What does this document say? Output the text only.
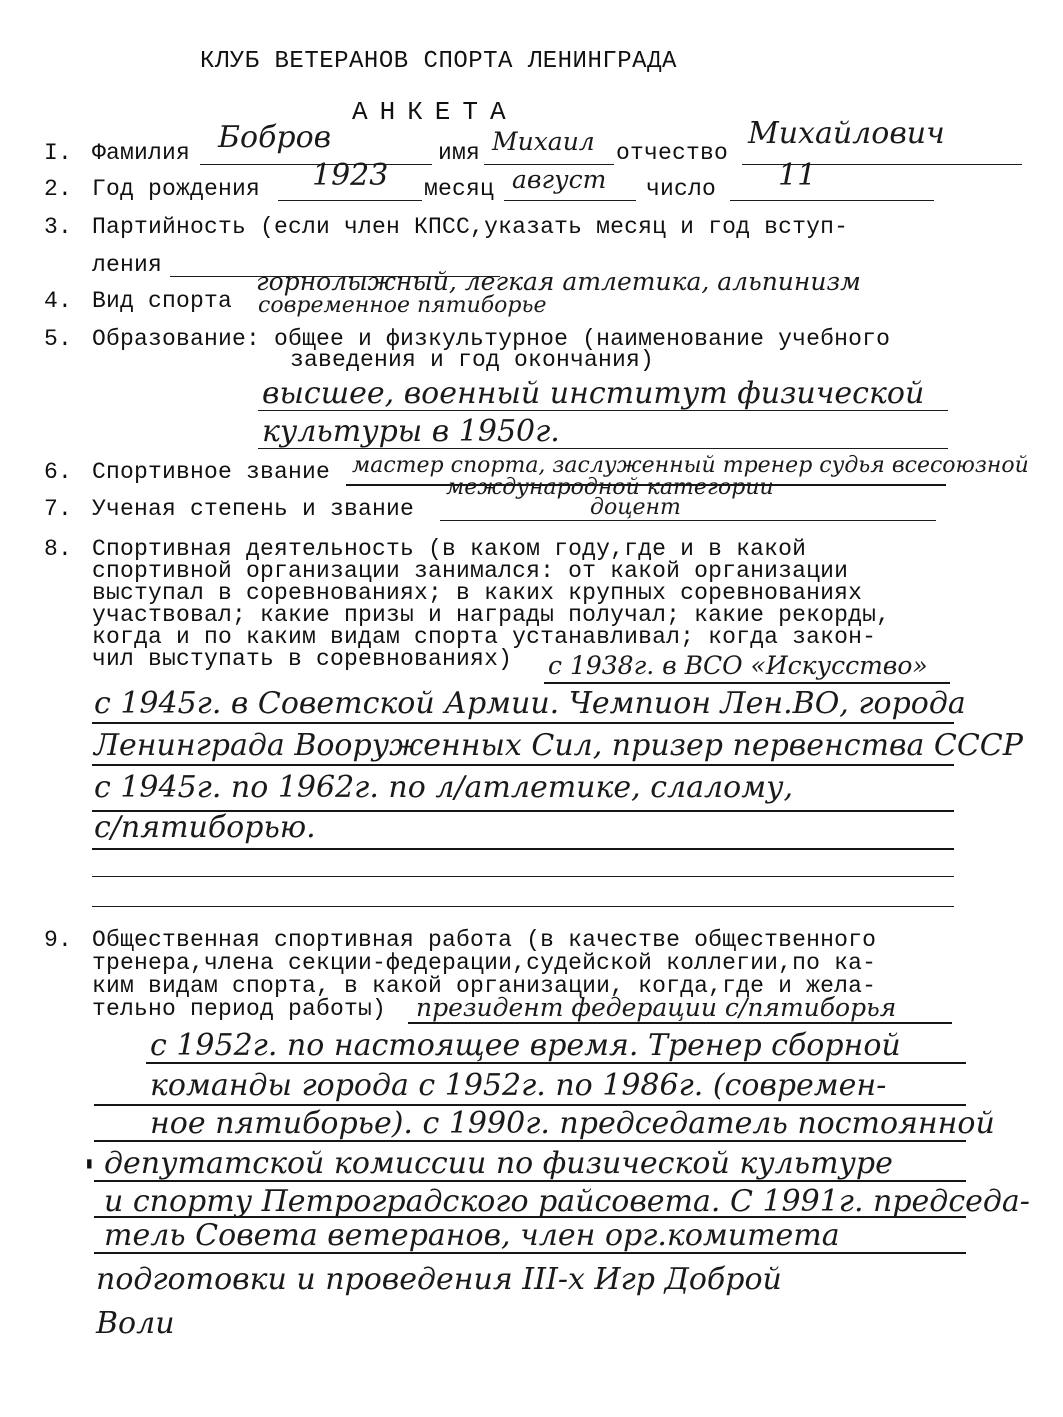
КЛУБ ВЕТЕРАНОВ СПОРТА ЛЕНИНГРАДА
АНКЕТА
I. Фамилия Бобров	имя Михаил отчество
Михайлович
2. Год рождения 1923 месяц август число 11
3. Партийность (если член КПСС,указать месяц и год вступ-
ления
4. Вид спорта
горнолыжный, легкая атлетика, альпинизм
современное пятиборье
5. Образование: общее и физкультурное (наименование учебного
заведения и год окончания)
высшее, военный институт физической
культуры в 1950г.
6. Спортивное звание мастер спорта, заслуженный тренер судья всесоюзной
7. Ученая степень и звание
международной категории
доцент
8. Спортивная деятельность (в каком году,где и в какой
спортивной организации занимался: от какой организации
выступал в соревнованиях; в каких крупных соревнованиях
участвовал; какие призы и награды получал; какие рекорды,
когда и по каким видам спорта устанавливал; когда закон-
чил выступать в соревнованиях) с 1938г. в ВСО «Искусство»
с 1945г. в Советской Армии. Чемпион Лен.ВО, города
Ленинграда Вооруженных Сил, призер первенства СССР
с 1945г. по 1962г. по л/атлетике, слалому,
с/пятиборью.
9. Общественная спортивная работа (в качестве общественного
тренера,члена секции-федерации,судейской коллегии,по ка-
ким видам спорта, в какой организации, когда,где и жела-
тельно период работы) президент федерации с/пятиборья
с 1952г. по настоящее время. Тренер сборной
команды города с 1952г. по 1986г. (современ-
ное пятиборье). с 1990г. председатель постоянной
▮ депутатской комиссии по физической культуре
и спорту Петроградского райсовета. С 1991г. председа-
тель Совета ветеранов, член орг.комитета
подготовки и проведения III-х Игр Доброй
Воли
